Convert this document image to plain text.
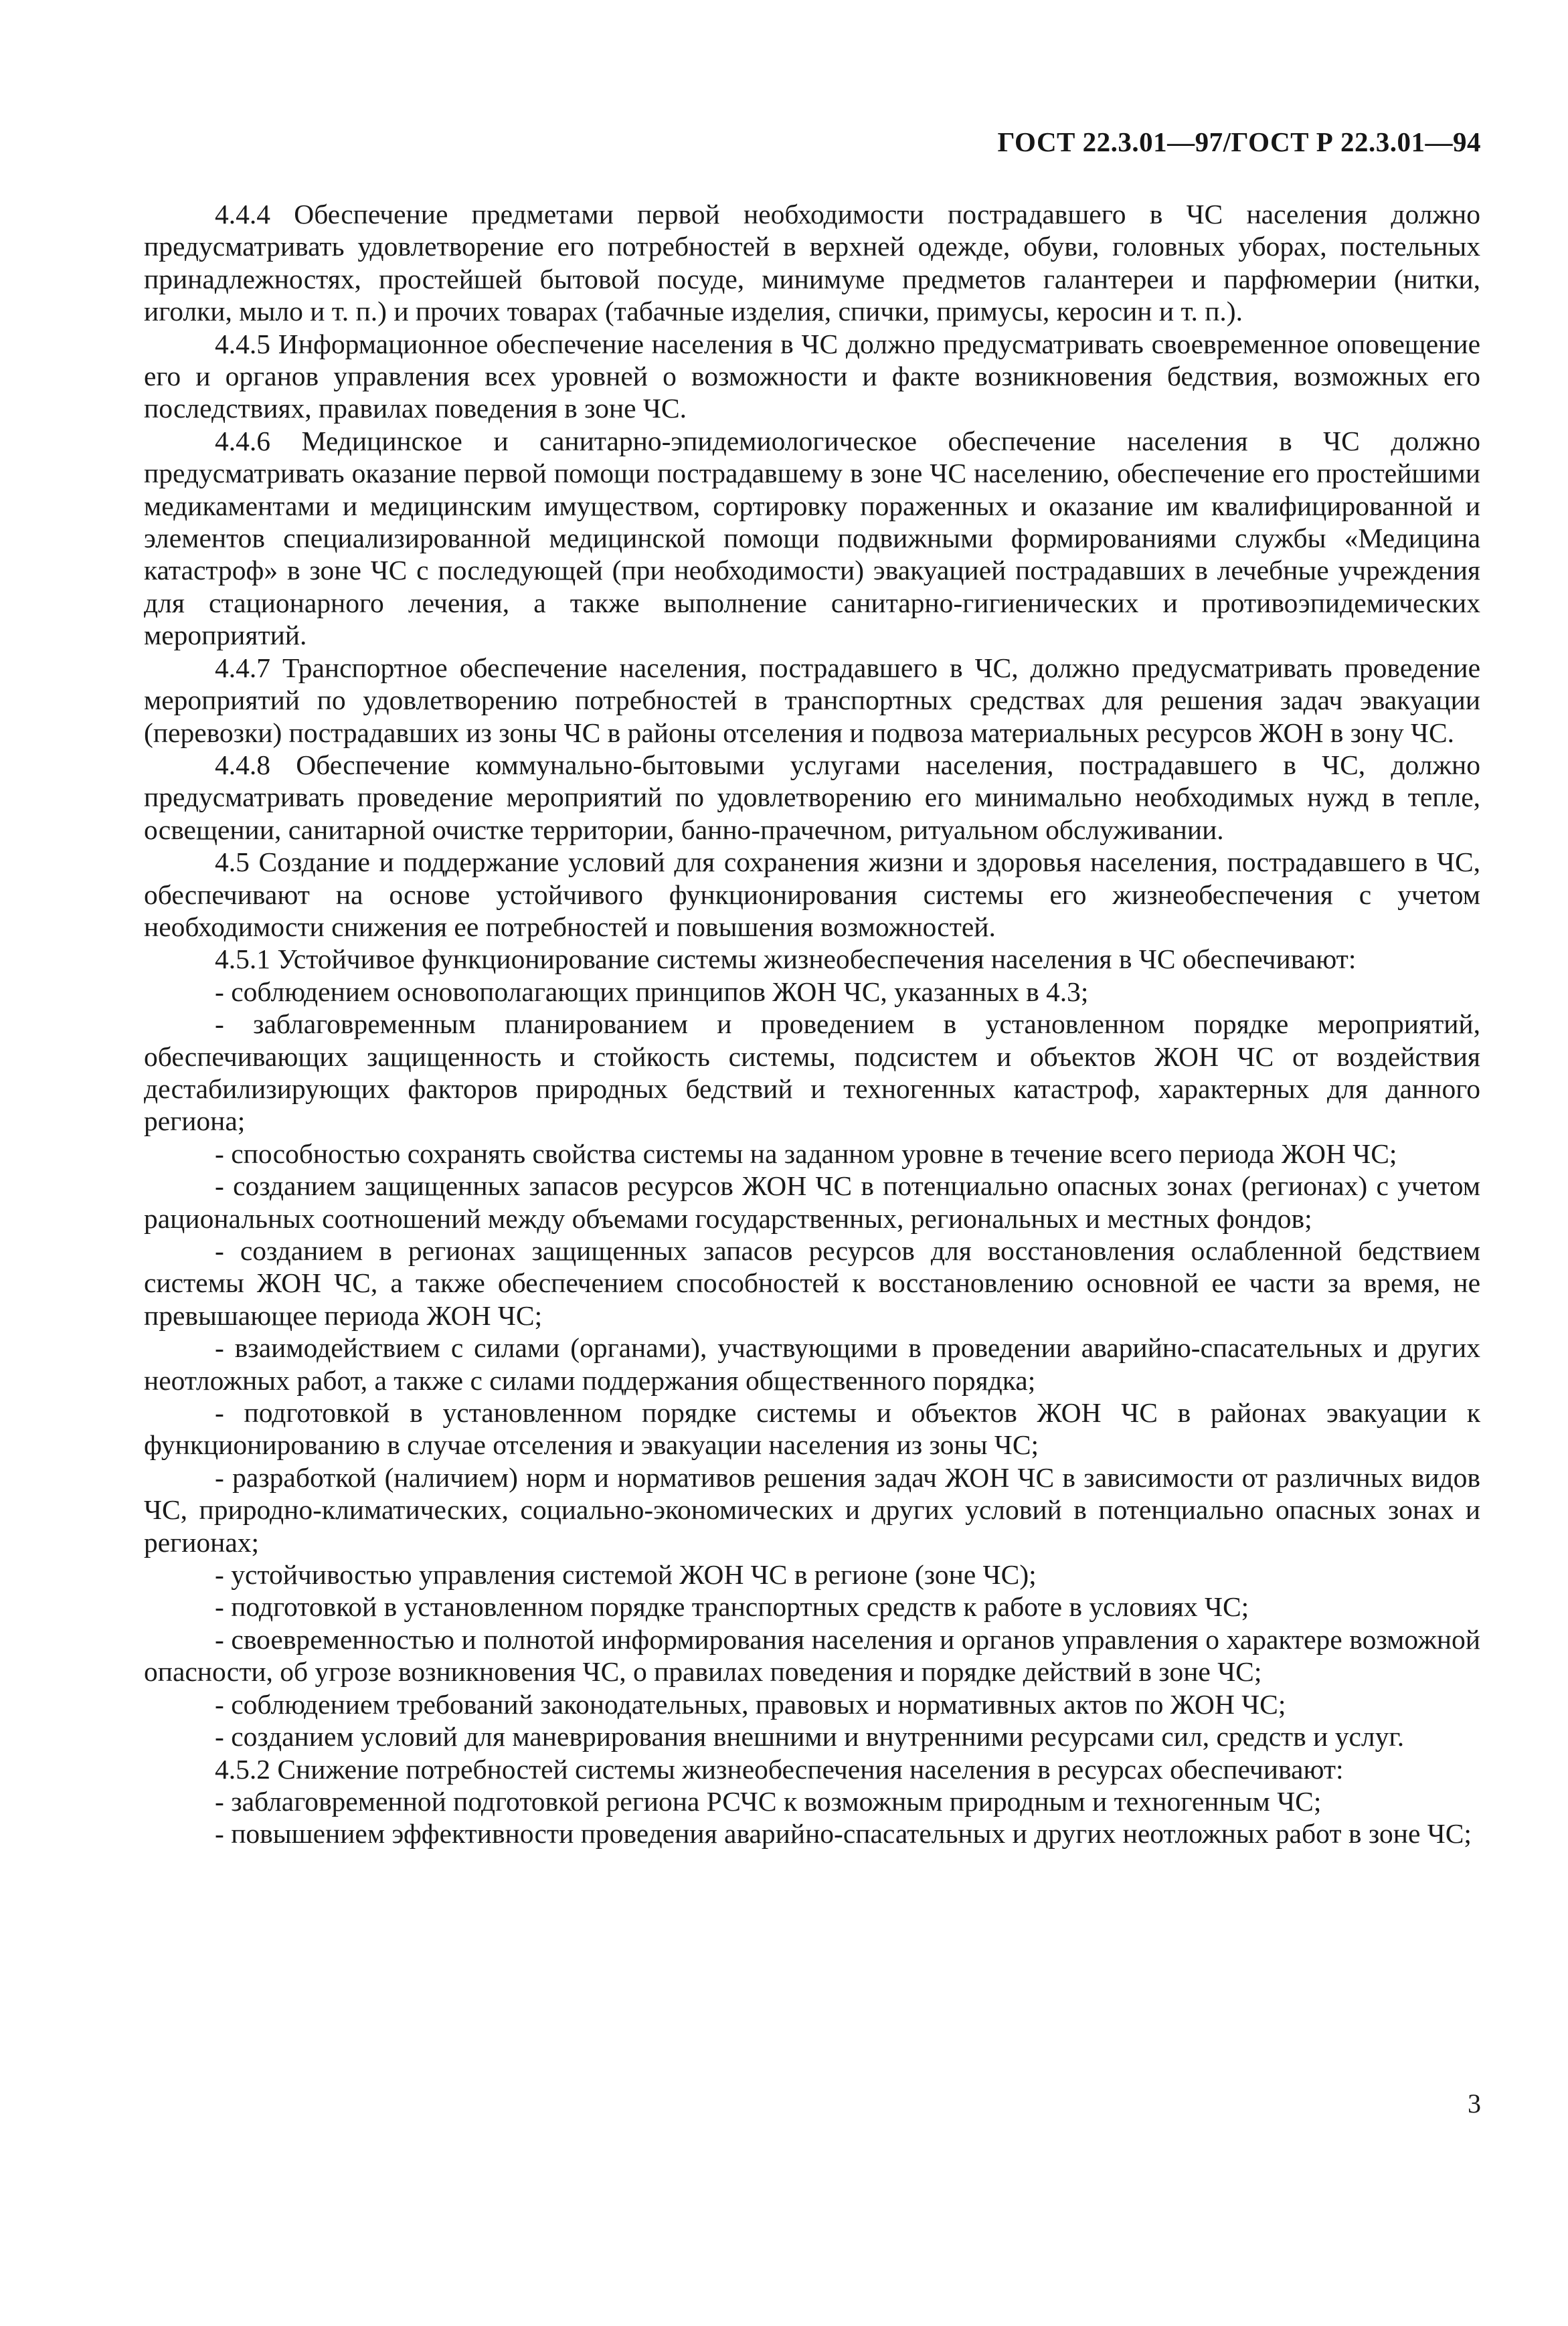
ГОСТ 22.3.01—97/ГОСТ Р 22.3.01—94

4.4.4 Обеспечение предметами первой необходимости пострадавшего в ЧС населения должно предусматривать удовлетворение его потребностей в верхней одежде, обуви, головных уборах, постельных принадлежностях, простейшей бытовой посуде, минимуме предметов галантереи и парфюмерии (нитки, иголки, мыло и т. п.) и прочих товарах (табачные изделия, спички, примусы, керосин и т. п.).

4.4.5 Информационное обеспечение населения в ЧС должно предусматривать своевременное оповещение его и органов управления всех уровней о возможности и факте возникновения бедствия, возможных его последствиях, правилах поведения в зоне ЧС.

4.4.6 Медицинское и санитарно-эпидемиологическое обеспечение населения в ЧС должно предусматривать оказание первой помощи пострадавшему в зоне ЧС населению, обеспечение его простейшими медикаментами и медицинским имуществом, сортировку пораженных и оказание им квалифицированной и элементов специализированной медицинской помощи подвижными формированиями службы «Медицина катастроф» в зоне ЧС с последующей (при необходимости) эвакуацией пострадавших в лечебные учреждения для стационарного лечения, а также выполнение санитарно-гигиенических и противоэпидемических мероприятий.

4.4.7 Транспортное обеспечение населения, пострадавшего в ЧС, должно предусматривать проведение мероприятий по удовлетворению потребностей в транспортных средствах для решения задач эвакуации (перевозки) пострадавших из зоны ЧС в районы отселения и подвоза материальных ресурсов ЖОН в зону ЧС.

4.4.8 Обеспечение коммунально-бытовыми услугами населения, пострадавшего в ЧС, должно предусматривать проведение мероприятий по удовлетворению его минимально необходимых нужд в тепле, освещении, санитарной очистке территории, банно-прачечном, ритуальном обслуживании.

4.5 Создание и поддержание условий для сохранения жизни и здоровья населения, пострадавшего в ЧС, обеспечивают на основе устойчивого функционирования системы его жизнеобеспечения с учетом необходимости снижения ее потребностей и повышения возможностей.

4.5.1 Устойчивое функционирование системы жизнеобеспечения населения в ЧС обеспечивают:

- соблюдением основополагающих принципов ЖОН ЧС, указанных в 4.3;

- заблаговременным планированием и проведением в установленном порядке мероприятий, обеспечивающих защищенность и стойкость системы, подсистем и объектов ЖОН ЧС от воздействия дестабилизирующих факторов природных бедствий и техногенных катастроф, характерных для данного региона;

- способностью сохранять свойства системы на заданном уровне в течение всего периода ЖОН ЧС;

- созданием защищенных запасов ресурсов ЖОН ЧС в потенциально опасных зонах (регионах) с учетом рациональных соотношений между объемами государственных, региональных и местных фондов;

- созданием в регионах защищенных запасов ресурсов для восстановления ослабленной бедствием системы ЖОН ЧС, а также обеспечением способностей к восстановлению основной ее части за время, не превышающее периода ЖОН ЧС;

- взаимодействием с силами (органами), участвующими в проведении аварийно-спасательных и других неотложных работ, а также с силами поддержания общественного порядка;

- подготовкой в установленном порядке системы и объектов ЖОН ЧС в районах эвакуации к функционированию в случае отселения и эвакуации населения из зоны ЧС;

- разработкой (наличием) норм и нормативов решения задач ЖОН ЧС в зависимости от различных видов ЧС, природно-климатических, социально-экономических и других условий в потенциально опасных зонах и регионах;

- устойчивостью управления системой ЖОН ЧС в регионе (зоне ЧС);

- подготовкой в установленном порядке транспортных средств к работе в условиях ЧС;

- своевременностью и полнотой информирования населения и органов управления о характере возможной опасности, об угрозе возникновения ЧС, о правилах поведения и порядке действий в зоне ЧС;

- соблюдением требований законодательных, правовых и нормативных актов по ЖОН ЧС;

- созданием условий для маневрирования внешними и внутренними ресурсами сил, средств и услуг.

4.5.2 Снижение потребностей системы жизнеобеспечения населения в ресурсах обеспечивают:

- заблаговременной подготовкой региона РСЧС к возможным природным и техногенным ЧС;

- повышением эффективности проведения аварийно-спасательных и других неотложных работ в зоне ЧС;

3
